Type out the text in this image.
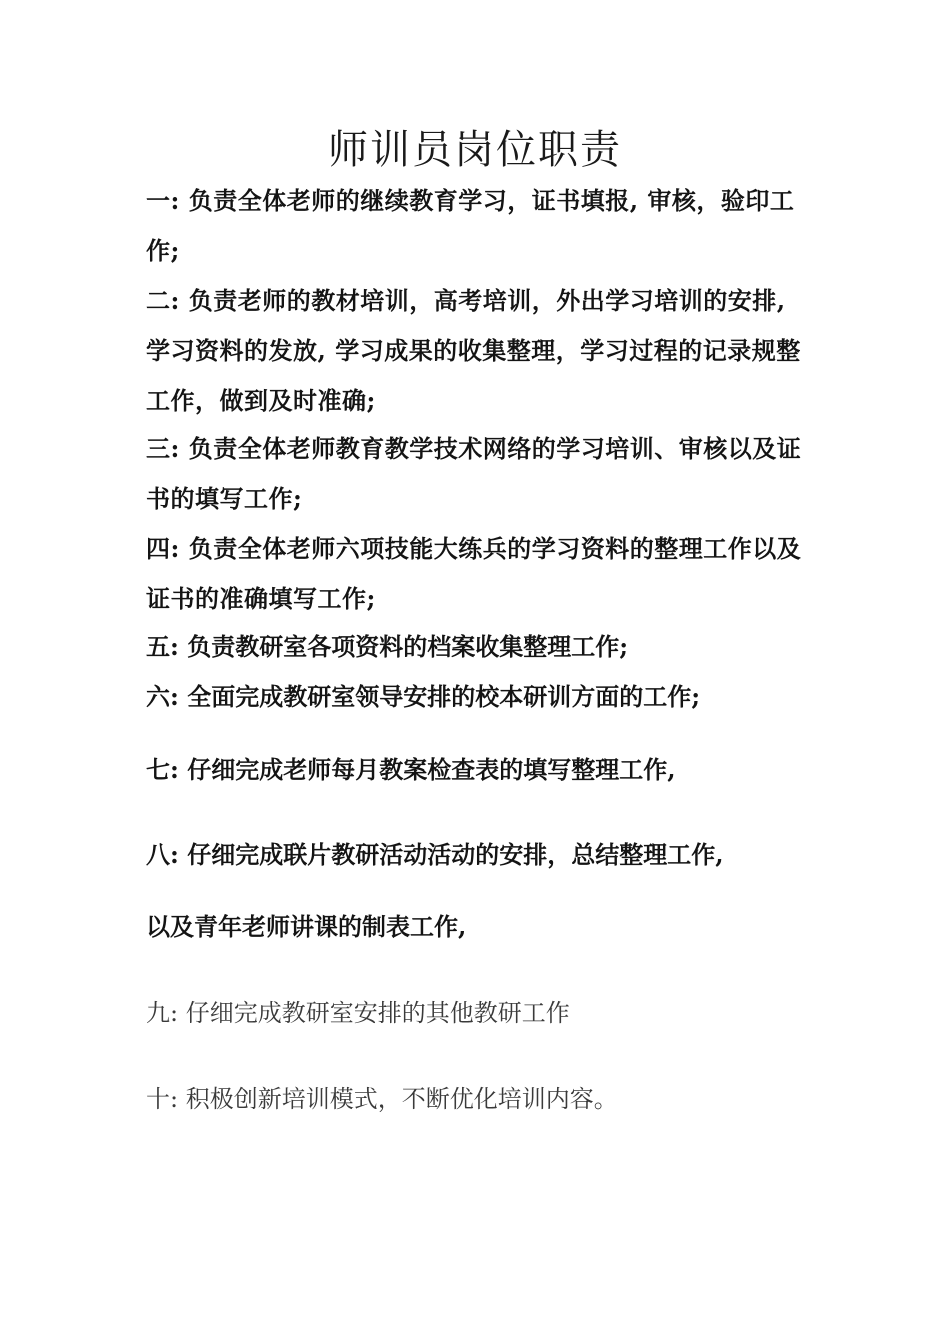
师训员岗位职责
一: 负责全体老师的继续教育学习，证书填报, 审核，验印工作;
二: 负责老师的教材培训，高考培训，外出学习培训的安排, 学习资料的发放, 学习成果的收集整理，学习过程的记录规整工作，做到及时准确;
三: 负责全体老师教育教学技术网络的学习培训、审核以及证书的填写工作;
四: 负责全体老师六项技能大练兵的学习资料的整理工作以及证书的准确填写工作;
五: 负责教研室各项资料的档案收集整理工作;
六: 全面完成教研室领导安排的校本研训方面的工作;
七: 仔细完成老师每月教案检查表的填写整理工作,
八: 仔细完成联片教研活动活动的安排，总结整理工作,
以及青年老师讲课的制表工作,
九: 仔细完成教研室安排的其他教研工作
十: 积极创新培训模式，不断优化培训内容。
